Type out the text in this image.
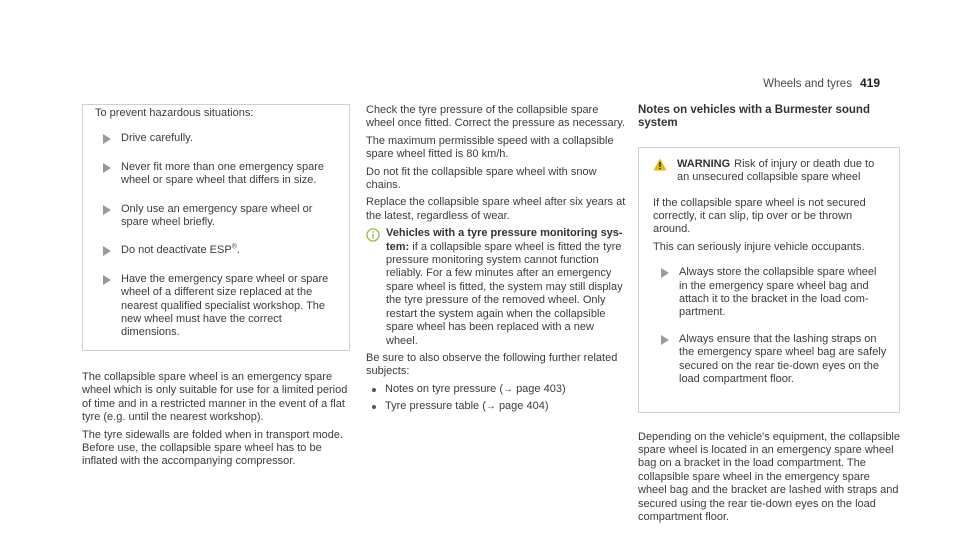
Wheels and tyres 419

To prevent hazardous situations:

Drive carefully.
Never fit more than one emergency spare wheel or spare wheel that differs in size.
Only use an emergency spare wheel or spare wheel briefly.
Do not deactivate ESP®.
Have the emergency spare wheel or spare wheel of a different size replaced at the nearest qualified specialist workshop. The new wheel must have the correct dimensions.

The collapsible spare wheel is an emergency spare wheel which is only suitable for use for a limited period of time and in a restricted manner in the event of a flat tyre (e.g. until the nearest workshop).

The tyre sidewalls are folded when in transport mode. Before use, the collapsible spare wheel has to be inflated with the accompanying compressor.

Check the tyre pressure of the collapsible spare wheel once fitted. Correct the pressure as necessary.

The maximum permissible speed with a collapsible spare wheel fitted is 80 km/h.

Do not fit the collapsible spare wheel with snow chains.

Replace the collapsible spare wheel after six years at the latest, regardless of wear.

Vehicles with a tyre pressure monitoring system: if a collapsible spare wheel is fitted the tyre pressure monitoring system cannot function reliably. For a few minutes after an emergency spare wheel is fitted, the system may still display the tyre pressure of the removed wheel. Only restart the system again when the collapsible spare wheel has been replaced with a new wheel.

Be sure to also observe the following further related subjects:

Notes on tyre pressure (→ page 403)
Tyre pressure table (→ page 404)
Notes on vehicles with a Burmester sound system
WARNING Risk of injury or death due to an unsecured collapsible spare wheel

If the collapsible spare wheel is not secured correctly, it can slip, tip over or be thrown around.

This can seriously injure vehicle occupants.

Always store the collapsible spare wheel in the emergency spare wheel bag and attach it to the bracket in the load compartment.
Always ensure that the lashing straps on the emergency spare wheel bag are safely secured on the rear tie-down eyes on the load compartment floor.

Depending on the vehicle's equipment, the collapsible spare wheel is located in an emergency spare wheel bag on a bracket in the load compartment. The collapsible spare wheel in the emergency spare wheel bag and the bracket are lashed with straps and secured using the rear tie-down eyes on the load compartment floor.
